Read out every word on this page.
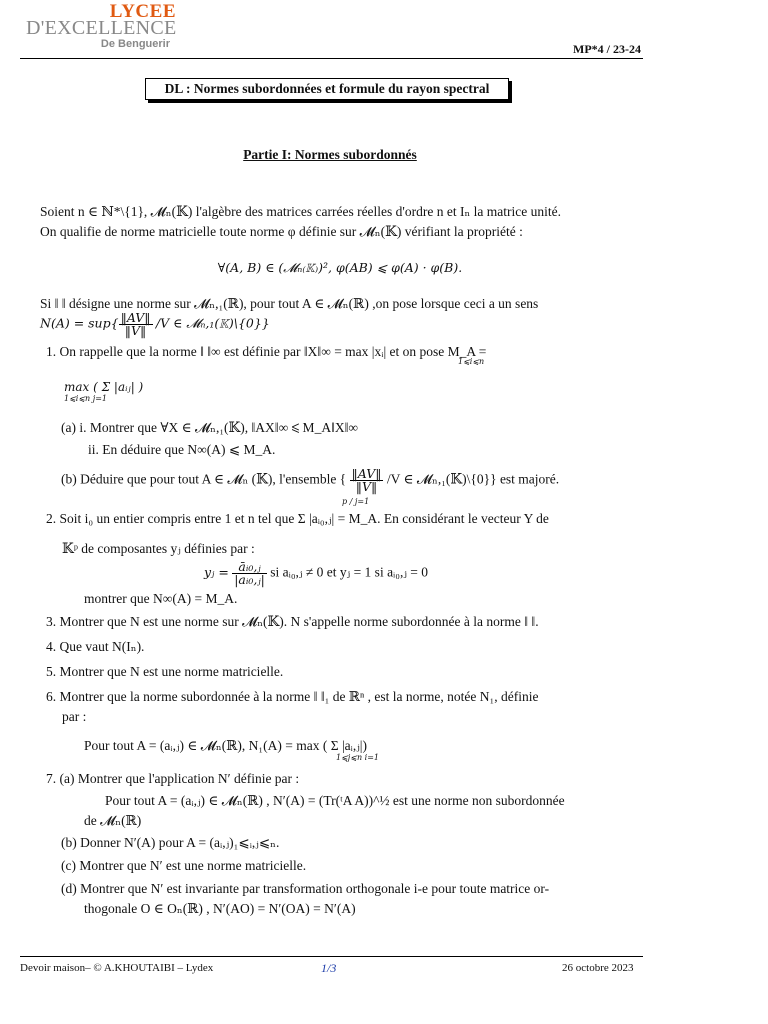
LYCEE
D'EXCELLENCE
De Benguerir	MP*4 / 23-24
DL : Normes subordonnées et formule du rayon spectral
Partie I: Normes subordonnés
Soient n ∈ ℕ*\{1}, 𝓜ₙ(𝕂) l'algèbre des matrices carrées réelles d'ordre n et Iₙ la matrice unité.
On qualifie de norme matricielle toute norme φ définie sur 𝓜ₙ(𝕂) vérifiant la propriété :
∀(A, B) ∈ (𝓜ₙ₍𝕂₎)², φ(AB) ⩽ φ(A) · φ(B).
Si ‖ ‖ désigne une norme sur 𝓜ₙ,₁(ℝ), pour tout A ∈ 𝓜ₙ(ℝ) ,on pose lorsque ceci a un sens
$N(A) = sup\{ \frac{‖AV‖}{‖V‖} /V$ ∈ 𝓜ₙ,₁(𝕂)\{0}}
1. On rappelle que la norme ‖ ‖∞ est définie par ‖X‖∞ = max |xᵢ| et on pose M_A =
1⩽i⩽n
max ( Σ |aᵢⱼ| )
1⩽i⩽n j=1
(a) i. Montrer que ∀X ∈ 𝓜ₙ,₁(𝕂), ‖AX‖∞ ⩽ M_A‖X‖∞
ii. En déduire que N∞(A) ⩽ M_A.
(b) Déduire que pour tout A ∈ 𝓜ₙ (𝕂), l'ensemble { $\frac{‖AV‖}{‖V‖} /V$ ∈ 𝓜ₙ,₁(𝕂)\{0}} est majoré.
2. Soit i₀ un entier compris entre 1 et n tel que Σ |aᵢ₀,ⱼ| = M_A. En considérant le vecteur Y de
p / j=1
𝕂ᵖ de composantes yⱼ définies par :
yⱼ = $\frac{\text{āᵢ₀,ⱼ}}{\text{|aᵢ₀,ⱼ|}}$ si aᵢ₀,ⱼ ≠ 0 et yⱼ = 1 si aᵢ₀,ⱼ = 0
montrer que N∞(A) = M_A.
3. Montrer que N est une norme sur 𝓜ₙ(𝕂). N s'appelle norme subordonnée à la norme ‖ ‖.
4. Que vaut N(Iₙ).
5. Montrer que N est une norme matricielle.
6. Montrer que la norme subordonnée à la norme ‖ ‖₁ de ℝⁿ , est la norme, notée N₁, définie
par :
Pour tout A = (aᵢ,ⱼ) ∈ 𝓜ₙ(ℝ), N₁(A) = max ( Σ |aᵢ,ⱼ|)
1⩽j⩽n i=1
7. (a) Montrer que l'application N′ définie par :
Pour tout A = (aᵢ,ⱼ) ∈ 𝓜ₙ(ℝ) , N′(A) = (Tr(ᵗA A))^½ est une norme non subordonnée
de 𝓜ₙ(ℝ)
(b) Donner N′(A) pour A = (aᵢ,ⱼ)₁⩽ᵢ,ⱼ⩽ₙ.
(c) Montrer que N′ est une norme matricielle.
(d) Montrer que N′ est invariante par transformation orthogonale i-e pour toute matrice or-
thogonale O ∈ Oₙ(ℝ) , N′(AO) = N′(OA) = N′(A)
Devoir maison– © A.KHOUTAIBI – Lydex	1/3	26 octobre 2023
